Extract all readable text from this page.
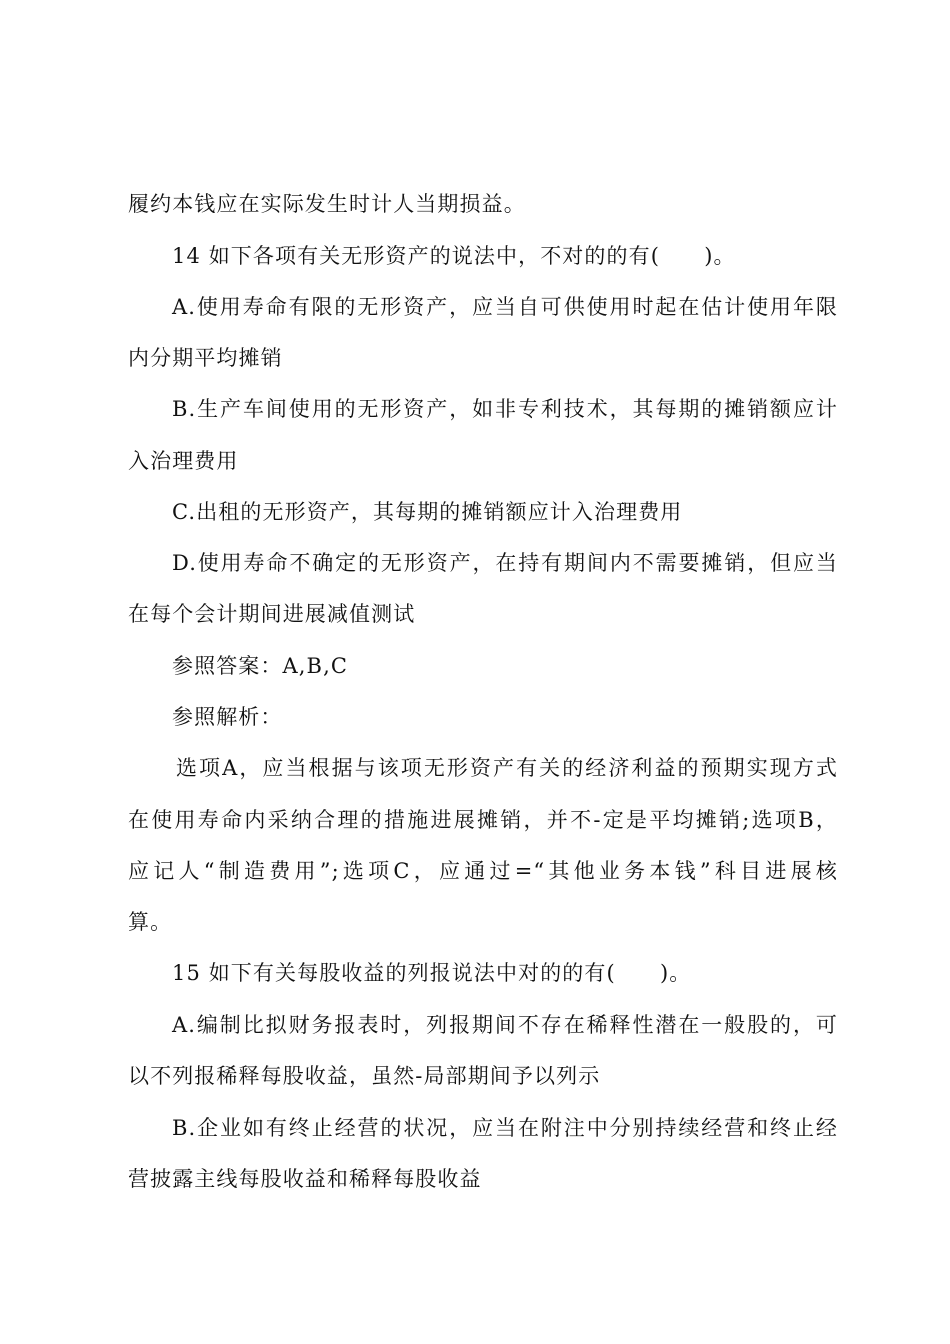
履约本钱应在实际发生时计人当期损益。
14 如下各项有关无形资产的说法中，不对的的有(　　)。
A.使用寿命有限的无形资产，应当自可供使用时起在估计使用年限
内分期平均摊销
B.生产车间使用的无形资产，如非专利技术，其每期的摊销额应计
入治理费用
C.出租的无形资产，其每期的摊销额应计入治理费用
D.使用寿命不确定的无形资产，在持有期间内不需要摊销，但应当
在每个会计期间进展减值测试
参照答案：A,B,C
参照解析：
选项A，应当根据与该项无形资产有关的经济利益的预期实现方式
在使用寿命内采纳合理的措施进展摊销，并不-定是平均摊销;选项B，
应记人“制造费用”;选项C，应通过=“其他业务本钱”科目进展核
算。
15 如下有关每股收益的列报说法中对的的有(　　)。
A.编制比拟财务报表时，列报期间不存在稀释性潜在一般股的，可
以不列报稀释每股收益，虽然-局部期间予以列示
B.企业如有终止经营的状况，应当在附注中分别持续经营和终止经
营披露主线每股收益和稀释每股收益
